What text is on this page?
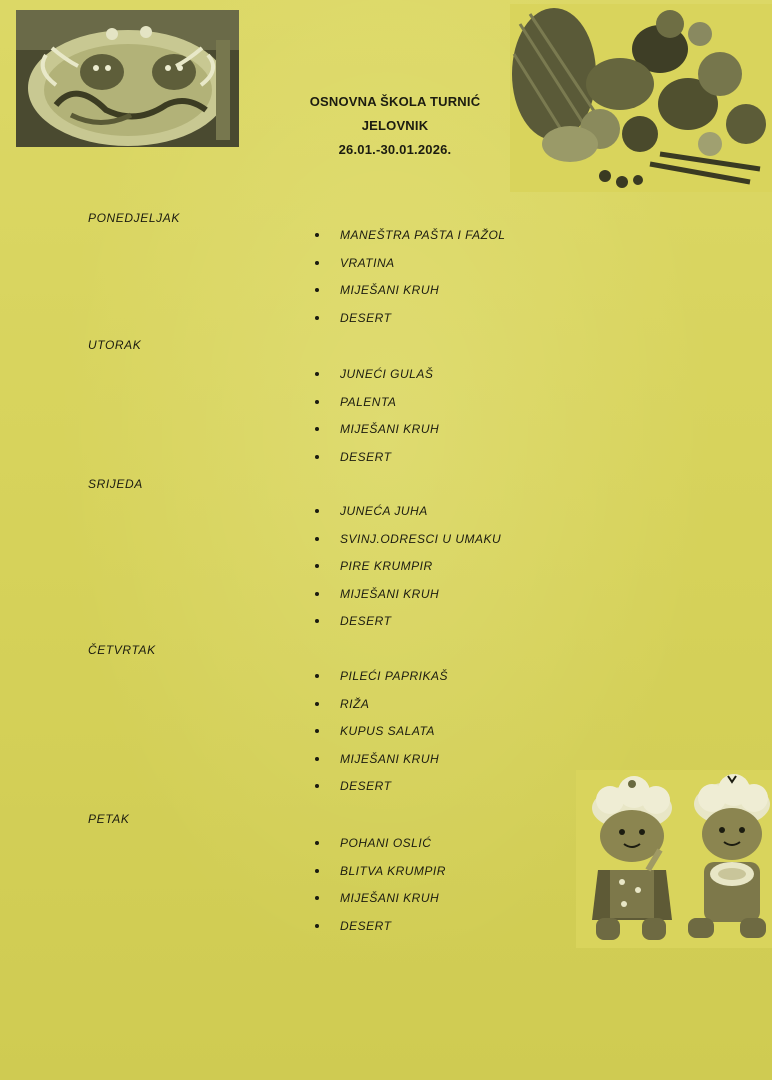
OSNOVNA ŠKOLA TURNIĆ
JELOVNIK
26.01.-30.01.2026.
PONEDJELJAK
MANEŠTRA PAŠTA I FAŽOL
VRATINA
MIJEŠANI KRUH
DESERT
UTORAK
JUNEĆI GULAŠ
PALENTA
MIJEŠANI KRUH
DESERT
SRIJEDA
JUNEĆA JUHA
SVINJ.ODRESCI U UMAKU
PIRE KRUMPIR
MIJEŠANI KRUH
DESERT
ČETVRTAK
PILEĆI PAPRIKAŠ
RIŽA
KUPUS SALATA
MIJEŠANI KRUH
DESERT
PETAK
POHANI OSLIĆ
BLITVA KRUMPIR
MIJEŠANI KRUH
DESERT
